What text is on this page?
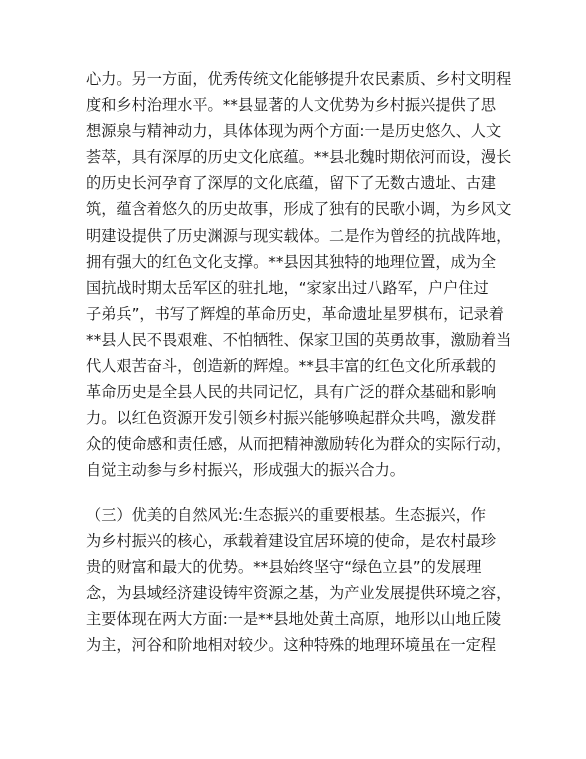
心力。另一方面，优秀传统文化能够提升农民素质、乡村文明程
度和乡村治理水平。**县显著的人文优势为乡村振兴提供了思
想源泉与精神动力，具体体现为两个方面:一是历史悠久、人文
荟萃，具有深厚的历史文化底蕴。**县北魏时期依河而设，漫长
的历史长河孕育了深厚的文化底蕴，留下了无数古遗址、古建
筑，蕴含着悠久的历史故事，形成了独有的民歌小调，为乡风文
明建设提供了历史渊源与现实载体。二是作为曾经的抗战阵地，
拥有强大的红色文化支撑。**县因其独特的地理位置，成为全
国抗战时期太岳军区的驻扎地，“家家出过八路军，户户住过
子弟兵”，书写了辉煌的革命历史，革命遗址星罗棋布，记录着
**县人民不畏艰难、不怕牺牲、保家卫国的英勇故事，激励着当
代人艰苦奋斗，创造新的辉煌。**县丰富的红色文化所承载的
革命历史是全县人民的共同记忆，具有广泛的群众基础和影响
力。以红色资源开发引领乡村振兴能够唤起群众共鸣，激发群
众的使命感和责任感，从而把精神激励转化为群众的实际行动，
自觉主动参与乡村振兴，形成强大的振兴合力。
（三）优美的自然风光:生态振兴的重要根基。生态振兴，作
为乡村振兴的核心，承载着建设宜居环境的使命，是农村最珍
贵的财富和最大的优势。**县始终坚守“绿色立县”的发展理
念，为县域经济建设铸牢资源之基，为产业发展提供环境之容，
主要体现在两大方面:一是**县地处黄土高原，地形以山地丘陵
为主，河谷和阶地相对较少。这种特殊的地理环境虽在一定程
